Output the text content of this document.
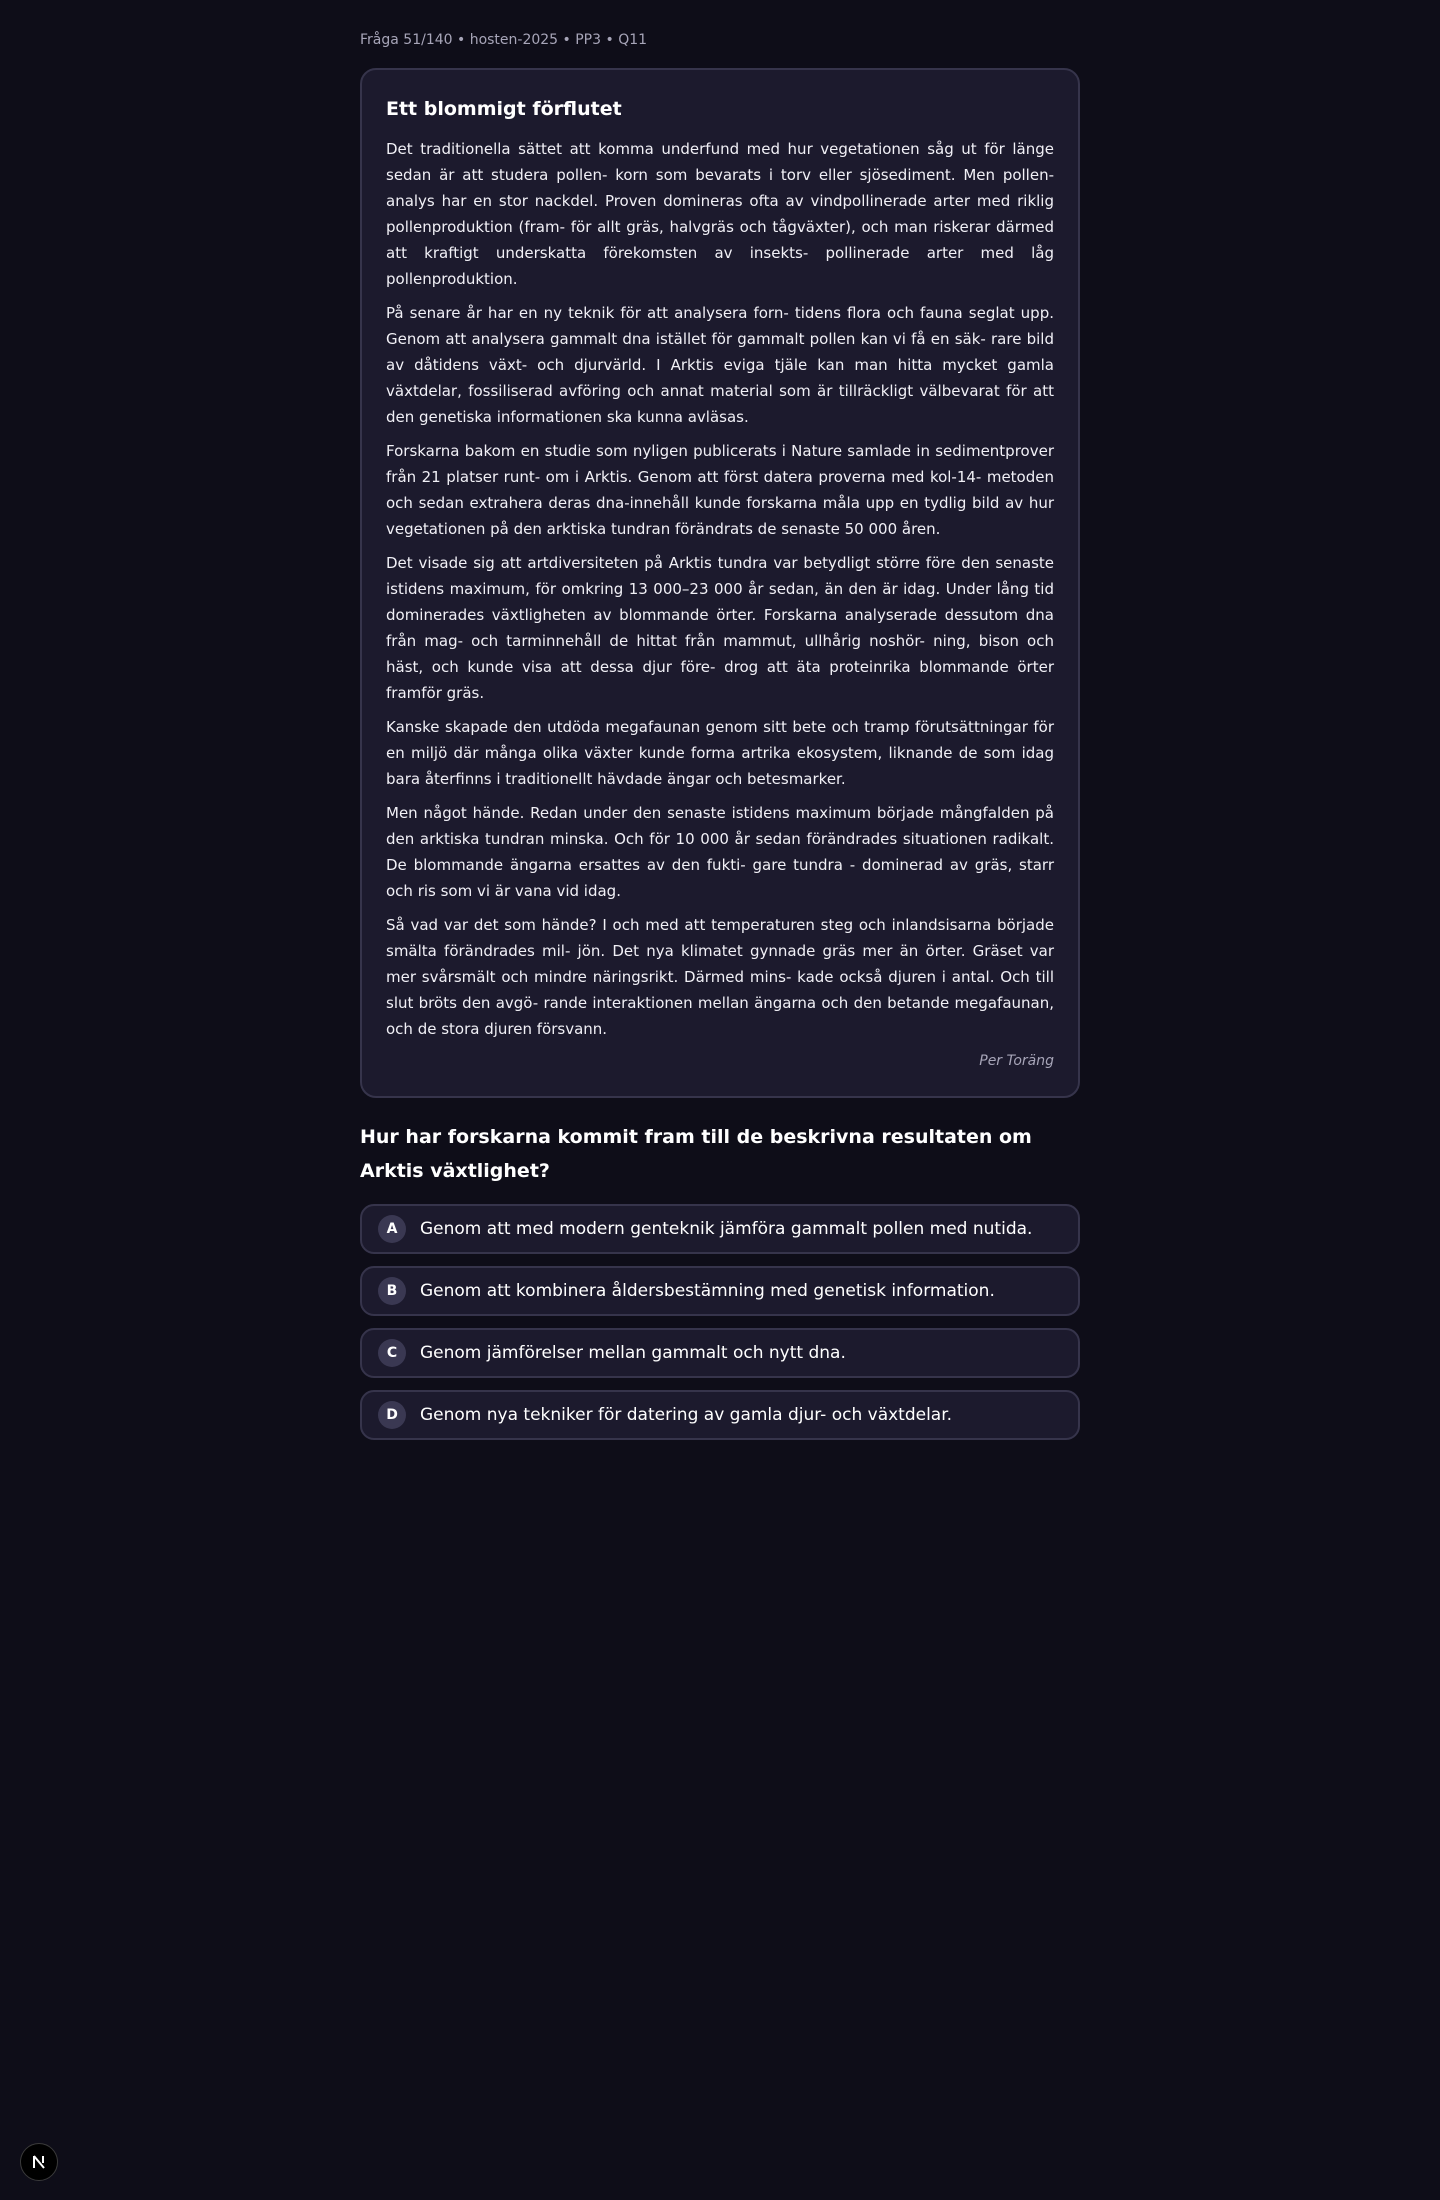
Fråga 51/140 • hosten-2025 • PP3 • Q11
Ett blommigt förflutet

Det traditionella sättet att komma underfund med hur vegetationen såg ut för länge sedan är att studera pollen- korn som bevarats i torv eller sjösediment. Men pollen- analys har en stor nackdel. Proven domineras ofta av vindpollinerade arter med riklig pollenproduktion (fram- för allt gräs, halvgräs och tågväxter), och man riskerar därmed att kraftigt underskatta förekomsten av insekts- pollinerade arter med låg pollenproduktion.

På senare år har en ny teknik för att analysera forn- tidens flora och fauna seglat upp. Genom att analysera gammalt dna istället för gammalt pollen kan vi få en säk- rare bild av dåtidens växt- och djurvärld. I Arktis eviga tjäle kan man hitta mycket gamla växtdelar, fossiliserad avföring och annat material som är tillräckligt välbevarat för att den genetiska informationen ska kunna avläsas.

Forskarna bakom en studie som nyligen publicerats i Nature samlade in sedimentprover från 21 platser runt- om i Arktis. Genom att först datera proverna med kol-14- metoden och sedan extrahera deras dna-innehåll kunde forskarna måla upp en tydlig bild av hur vegetationen på den arktiska tundran förändrats de senaste 50 000 åren.

Det visade sig att artdiversiteten på Arktis tundra var betydligt större före den senaste istidens maximum, för omkring 13 000–23 000 år sedan, än den är idag. Under lång tid dominerades växtligheten av blommande örter. Forskarna analyserade dessutom dna från mag- och tarminnehåll de hittat från mammut, ullhårig noshör- ning, bison och häst, och kunde visa att dessa djur före- drog att äta proteinrika blommande örter framför gräs.

Kanske skapade den utdöda megafaunan genom sitt bete och tramp förutsättningar för en miljö där många olika växter kunde forma artrika ekosystem, liknande de som idag bara återfinns i traditionellt hävdade ängar och betesmarker.

Men något hände. Redan under den senaste istidens maximum började mångfalden på den arktiska tundran minska. Och för 10 000 år sedan förändrades situationen radikalt. De blommande ängarna ersattes av den fukti- gare tundra - dominerad av gräs, starr och ris som vi är vana vid idag.

Så vad var det som hände? I och med att temperaturen steg och inlandsisarna började smälta förändrades mil- jön. Det nya klimatet gynnade gräs mer än örter. Gräset var mer svårsmält och mindre näringsrikt. Därmed mins- kade också djuren i antal. Och till slut bröts den avgö- rande interaktionen mellan ängarna och den betande megafaunan, och de stora djuren försvann.

Per Toräng
Hur har forskarna kommit fram till de beskrivna resultaten om Arktis växtlighet?
A	Genom att med modern genteknik jämföra gammalt pollen med nutida.
B	Genom att kombinera åldersbestämning med genetisk information.
C	Genom jämförelser mellan gammalt och nytt dna.
D	Genom nya tekniker för datering av gamla djur- och växtdelar.
